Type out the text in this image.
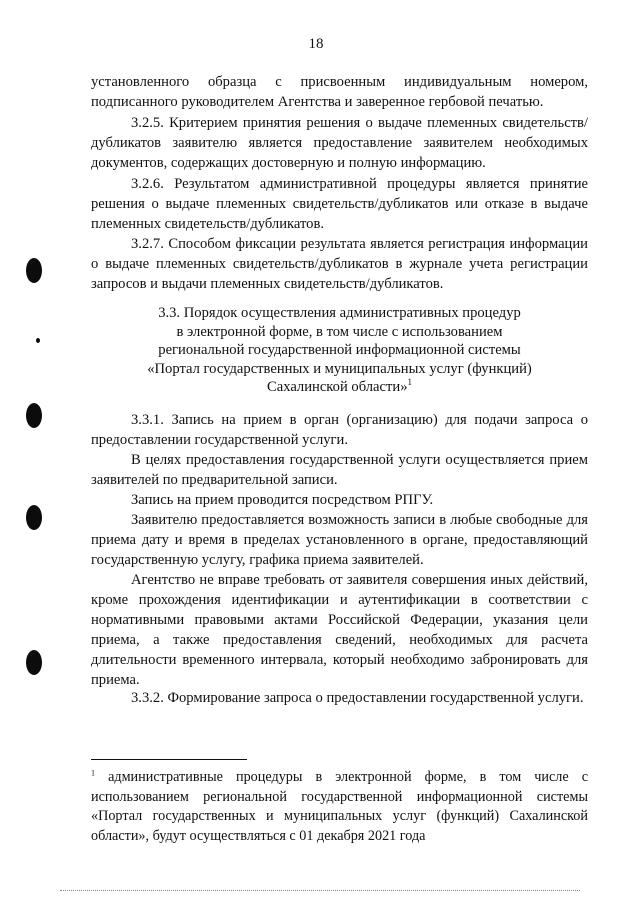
18

установленного образца с присвоенным индивидуальным номером, подписанного руководителем Агентства и заверенное гербовой печатью.

3.2.5. Критерием принятия решения о выдаче племенных свидетельств/дубликатов заявителю является предоставление заявителем необходимых документов, содержащих достоверную и полную информацию.

3.2.6. Результатом административной процедуры является принятие решения о выдаче племенных свидетельств/дубликатов или отказе в выдаче племенных свидетельств/дубликатов.

3.2.7. Способом фиксации результата является регистрация информации о выдаче племенных свидетельств/дубликатов в журнале учета регистрации запросов и выдачи племенных свидетельств/дубликатов.

3.3. Порядок осуществления административных процедур
в электронной форме, в том числе с использованием
региональной государственной информационной системы
«Портал государственных и муниципальных услуг (функций)
Сахалинской области»$^1$

3.3.1. Запись на прием в орган (организацию) для подачи запроса о предоставлении государственной услуги.

В целях предоставления государственной услуги осуществляется прием заявителей по предварительной записи.

Запись на прием проводится посредством РПГУ.

Заявителю предоставляется возможность записи в любые свободные для приема дату и время в пределах установленного в органе, предоставляющий государственную услугу, графика приема заявителей.

Агентство не вправе требовать от заявителя совершения иных действий, кроме прохождения идентификации и аутентификации в соответствии с нормативными правовыми актами Российской Федерации, указания цели приема, а также предоставления сведений, необходимых для расчета длительности временного интервала, который необходимо забронировать для приема.

3.3.2. Формирование запроса о предоставлении государственной услуги.

$^1$ административные процедуры в электронной форме, в том числе с использованием региональной государственной информационной системы «Портал государственных и муниципальных услуг (функций) Сахалинской области», будут осуществляться с 01 декабря 2021 года
